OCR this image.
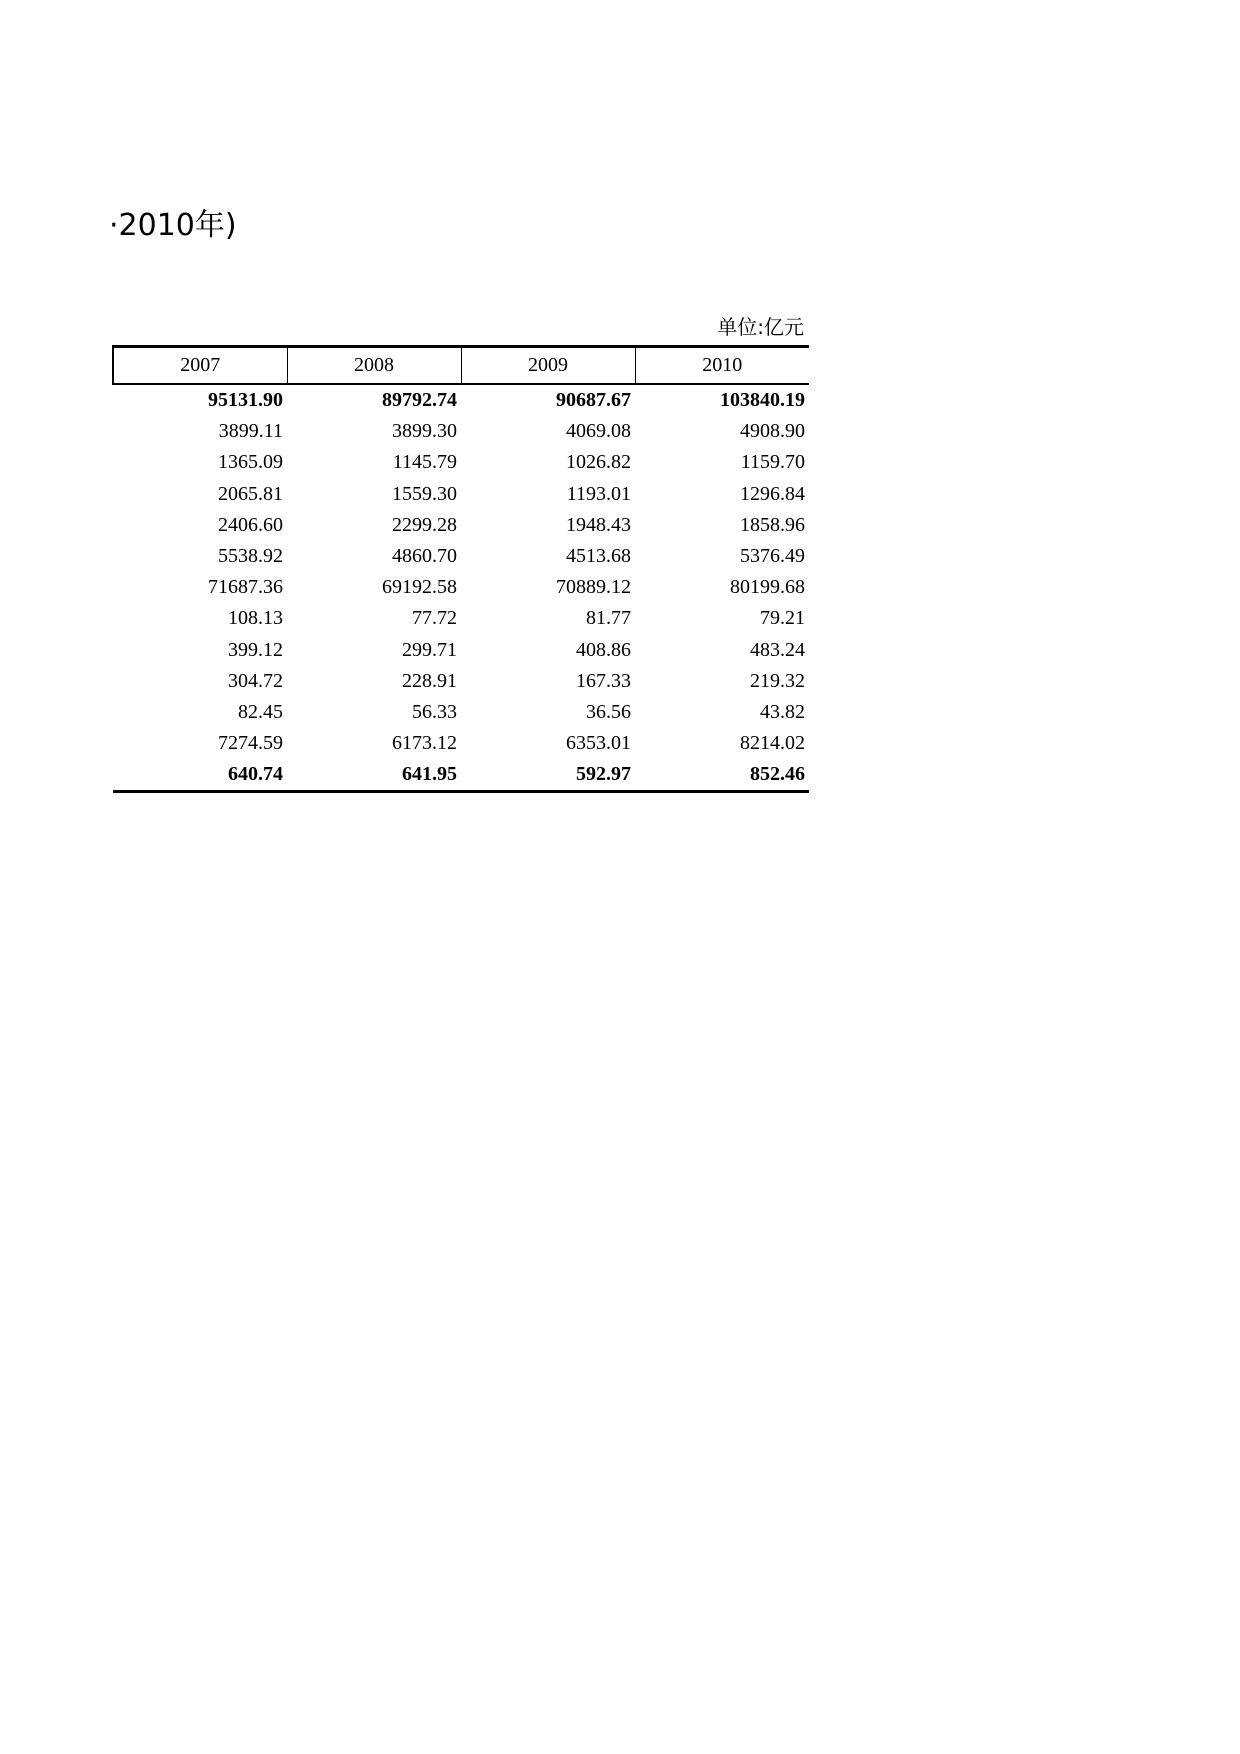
·2010年)
单位:亿元
2007	2008	2009	2010
95131.90	89792.74	90687.67	103840.19
3899.11	3899.30	4069.08	4908.90
1365.09	1145.79	1026.82	1159.70
2065.81	1559.30	1193.01	1296.84
2406.60	2299.28	1948.43	1858.96
5538.92	4860.70	4513.68	5376.49
71687.36	69192.58	70889.12	80199.68
108.13	77.72	81.77	79.21
399.12	299.71	408.86	483.24
304.72	228.91	167.33	219.32
82.45	56.33	36.56	43.82
7274.59	6173.12	6353.01	8214.02
640.74	641.95	592.97	852.46
